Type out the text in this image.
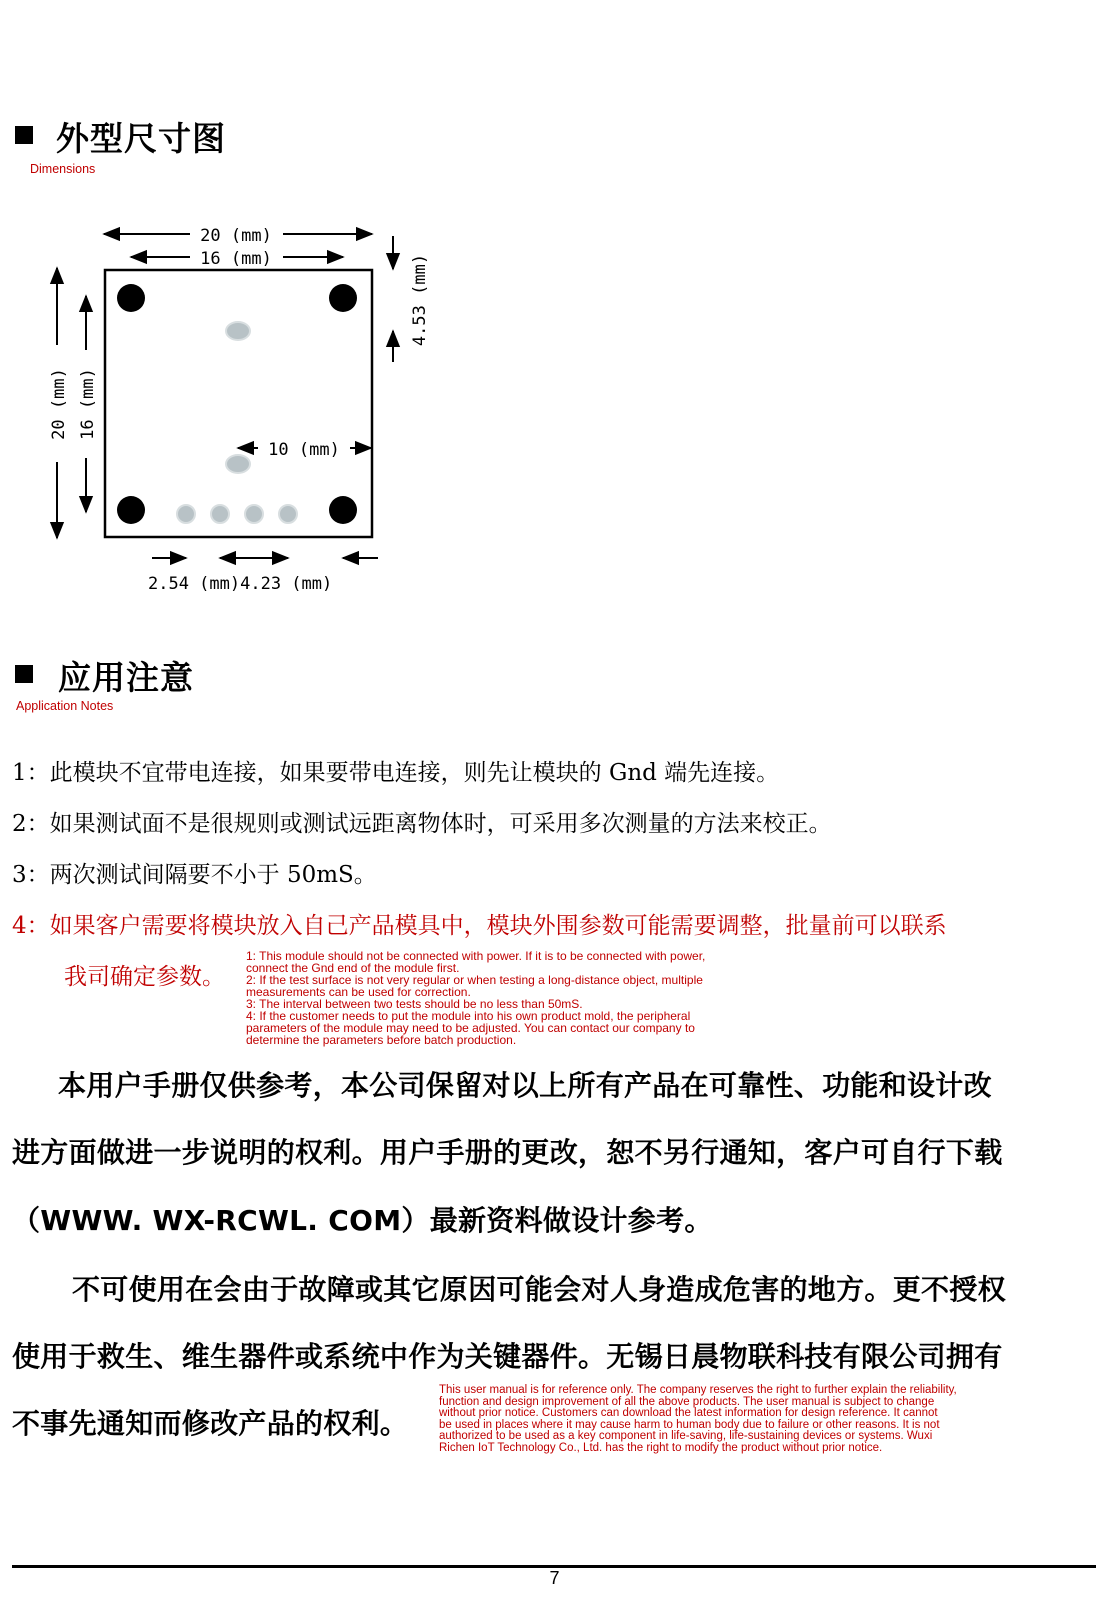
外型尺寸图
Dimensions
20 (mm)
16 (mm)	4.53 (mm)
20 (mm) 16 (mm)
10 (mm)
2.54 (mm)4.23 (mm)
应用注意
Application Notes
1：此模块不宜带电连接，如果要带电连接，则先让模块的 Gnd 端先连接。
2：如果测试面不是很规则或测试远距离物体时，可采用多次测量的方法来校正。
3：两次测试间隔要不小于 50mS。
4：如果客户需要将模块放入自己产品模具中，模块外围参数可能需要调整，批量前可以联系
我司确定参数。
1: This module should not be connected with power. If it is to be connected with power,
connect the Gnd end of the module first.
2: If the test surface is not very regular or when testing a long-distance object, multiple
measurements can be used for correction.
3: The interval between two tests should be no less than 50mS.
4: If the customer needs to put the module into his own product mold, the peripheral
parameters of the module may need to be adjusted. You can contact our company to
determine the parameters before batch production.
本用户手册仅供参考，本公司保留对以上所有产品在可靠性、功能和设计改
进方面做进一步说明的权利。用户手册的更改，恕不另行通知，客户可自行下载
（WWW. WX-RCWL. COM）最新资料做设计参考。
不可使用在会由于故障或其它原因可能会对人身造成危害的地方。更不授权
使用于救生、维生器件或系统中作为关键器件。无锡日晨物联科技有限公司拥有
不事先通知而修改产品的权利。
This user manual is for reference only. The company reserves the right to further explain the reliability,
function and design improvement of all the above products. The user manual is subject to change
without prior notice. Customers can download the latest information for design reference. It cannot
be used in places where it may cause harm to human body due to failure or other reasons. It is not
authorized to be used as a key component in life-saving, life-sustaining devices or systems. Wuxi
Richen IoT Technology Co., Ltd. has the right to modify the product without prior notice.
7
